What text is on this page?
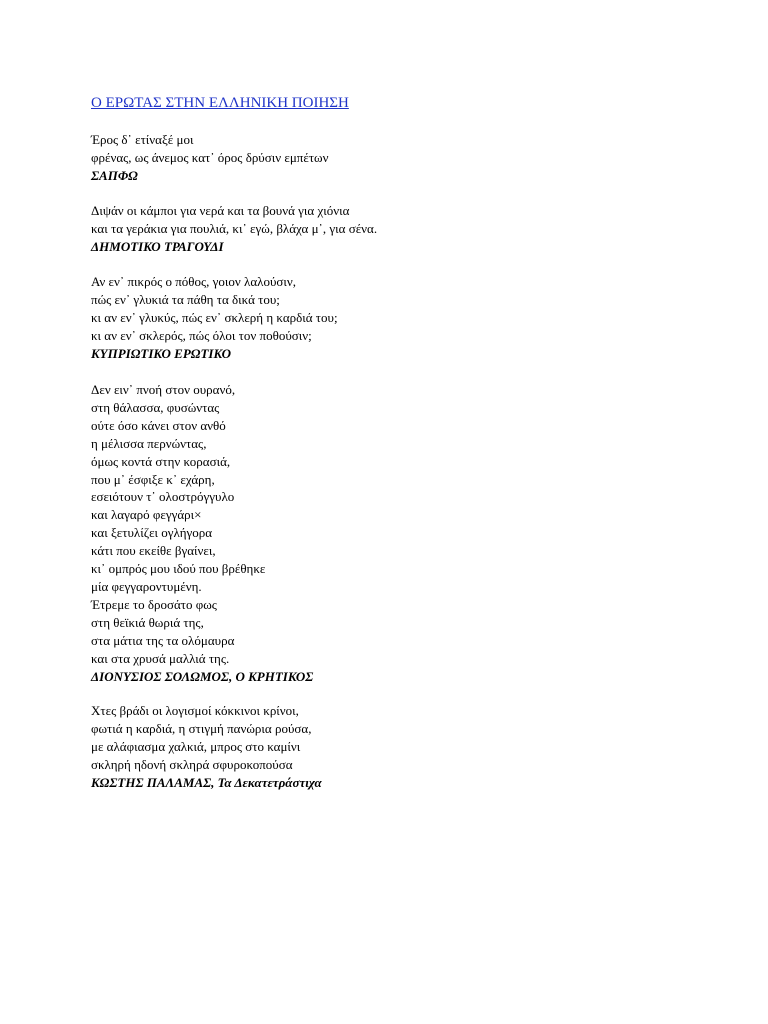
Ο ΕΡΩΤΑΣ ΣΤΗΝ ΕΛΛΗΝΙΚΗ ΠΟΙΗΣΗ
Έρος δ᾽ ετίναξέ μοι
φρένας, ως άνεμος κατ᾽ όρος δρύσιν εμπέτων
ΣΑΠΦΩ
Διψάν οι κάμποι για νερά και τα βουνά για χιόνια
και τα γεράκια για πουλιά, κι᾽ εγώ, βλάχα μ᾽, για σένα.
ΔΗΜΟΤΙΚΟ ΤΡΑΓΟΥΔΙ
Αν εν᾽ πικρός ο πόθος, γοιον λαλούσιν,
πώς εν᾽ γλυκιά τα πάθη τα δικά του;
κι αν εν᾽ γλυκύς, πώς εν᾽ σκλερή η καρδιά του;
κι αν εν᾽ σκλερός, πώς όλοι τον ποθούσιν;
ΚΥΠΡΙΩΤΙΚΟ ΕΡΩΤΙΚΟ
Δεν ειν᾽ πνοή στον ουρανό,
στη θάλασσα, φυσώντας
ούτε όσο κάνει στον ανθό
η μέλισσα περνώντας,
όμως κοντά στην κορασιά,
που μ᾽ έσφιξε κ᾽ εχάρη,
εσειότουν τ᾽ ολοστρόγγυλο
και λαγαρό φεγγάρι×
και ξετυλίζει ογλήγορα
κάτι που εκείθε βγαίνει,
κι᾽ ομπρός μου ιδού που βρέθηκε
μία φεγγαροντυμένη.
Έτρεμε το δροσάτο φως
στη θεϊκιά θωριά της,
στα μάτια της τα ολόμαυρα
και στα χρυσά μαλλιά της.
ΔΙΟΝΥΣΙΟΣ ΣΟΛΩΜΟΣ, Ο ΚΡΗΤΙΚΟΣ
Χτες βράδι οι λογισμοί κόκκινοι κρίνοι,
φωτιά η καρδιά, η στιγμή πανώρια ρούσα,
με αλάφιασμα χαλκιά, μπρος στο καμίνι
σκληρή ηδονή σκληρά σφυροκοπούσα
ΚΩΣΤΗΣ ΠΑΛΑΜΑΣ, Τα Δεκατετράστιχα
